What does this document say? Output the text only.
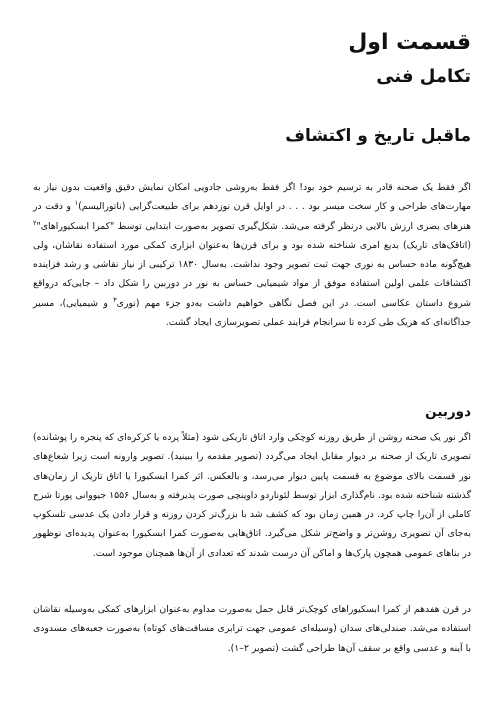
قسمت اول
تکامل فنی
ماقبل تاریخ و اکتشاف

اگر فقط یک صحنه قادر به ترسیم خود بود! اگر فقط به‌روشی جادویی امکان نمایش دقیق واقعیت بدون نیاز به مهارت‌های طراحی و کار سخت میسر بود . . . در اوایل قرن نوزدهم برای طبیعت‌گرایی (ناتورالیسم)$^۱$ و دقت در هنرهای بصری ارزش بالایی درنظر گرفته می‌شد. شکل‌گیری تصویر به‌صورت ابتدایی توسط "کمرا ابسکیوراهای"$^۲$ (اتاقک‌های تاریک) بدیع امری شناخته شده بود و برای قرن‌ها به‌عنوان ابزاری کمکی مورد استفاده نقاشان، ولی هیچ‌گونه ماده حساس به نوری جهت ثبت تصویر وجود نداشت. به‌سال ۱۸۳۰ ترکیبی از نیاز نقاشی و رشد فزاینده اکتشافات علمی اولین استفاده موفق از مواد شیمیایی حساس به نور در دوربین را شکل داد – جایی‌که درواقع شروع داستان عکاسی است. در این فصل نگاهی خواهیم داشت به‌دو جزء مهم (نوری$^۳$ و شیمیایی)، مسیر جداگانه‌ای که هریک طی کرده تا سرانجام فرایند عملی تصویرسازی ایجاد گشت.

دوربین

اگر نور یک صحنه روشن از طریق روزنه کوچکی وارد اتاق تاریکی شود (مثلاً پرده یا کرکره‌ای که پنجره را پوشانده) تصویری تاریک از صحنه بر دیوار مقابل ایجاد می‌گردد (تصویر مقدمه را ببینید). تصویر وارونه است زیرا شعاع‌های نور قسمت بالای موضوع به قسمت پایین دیوار می‌رسد، و بالعکس. اثر کمرا ابسکیورا یا اتاق تاریک از زمان‌های گذشته شناخته شده بود. نام‌گذاری ابزار توسط لئوناردو داوینچی صورت پذیرفته و به‌سال ۱۵۵۶ جیووانی پورتا شرح کاملی از آن‌را چاپ کرد. در همین زمان بود که کشف شد با بزرگ‌تر کردن روزنه و قرار دادن یک عدسی تلسکوپ به‌جای آن تصویری روشن‌تر و واضح‌تر شکل می‌گیرد. اتاق‌هایی به‌صورت کمرا ابسکیورا به‌عنوان پدیده‌ای نوظهور در بناهای عمومی همچون پارک‌ها و اماکن آن درست شدند که تعدادی از آن‌ها همچنان موجود است.

در قرن هفدهم از کمرا ابسکیوراهای کوچک‌تر قابل حمل به‌صورت مداوم به‌عنوان ابزارهای کمکی به‌وسیله نقاشان استفاده می‌شد. صندلی‌های سدان (وسیله‌ای عمومی جهت ترابری مسافت‌های کوتاه) به‌صورت جعبه‌های مسدودی با آینه و عدسی واقع بر سقف آن‌ها طراحی گشت (تصویر ۲–۱).
